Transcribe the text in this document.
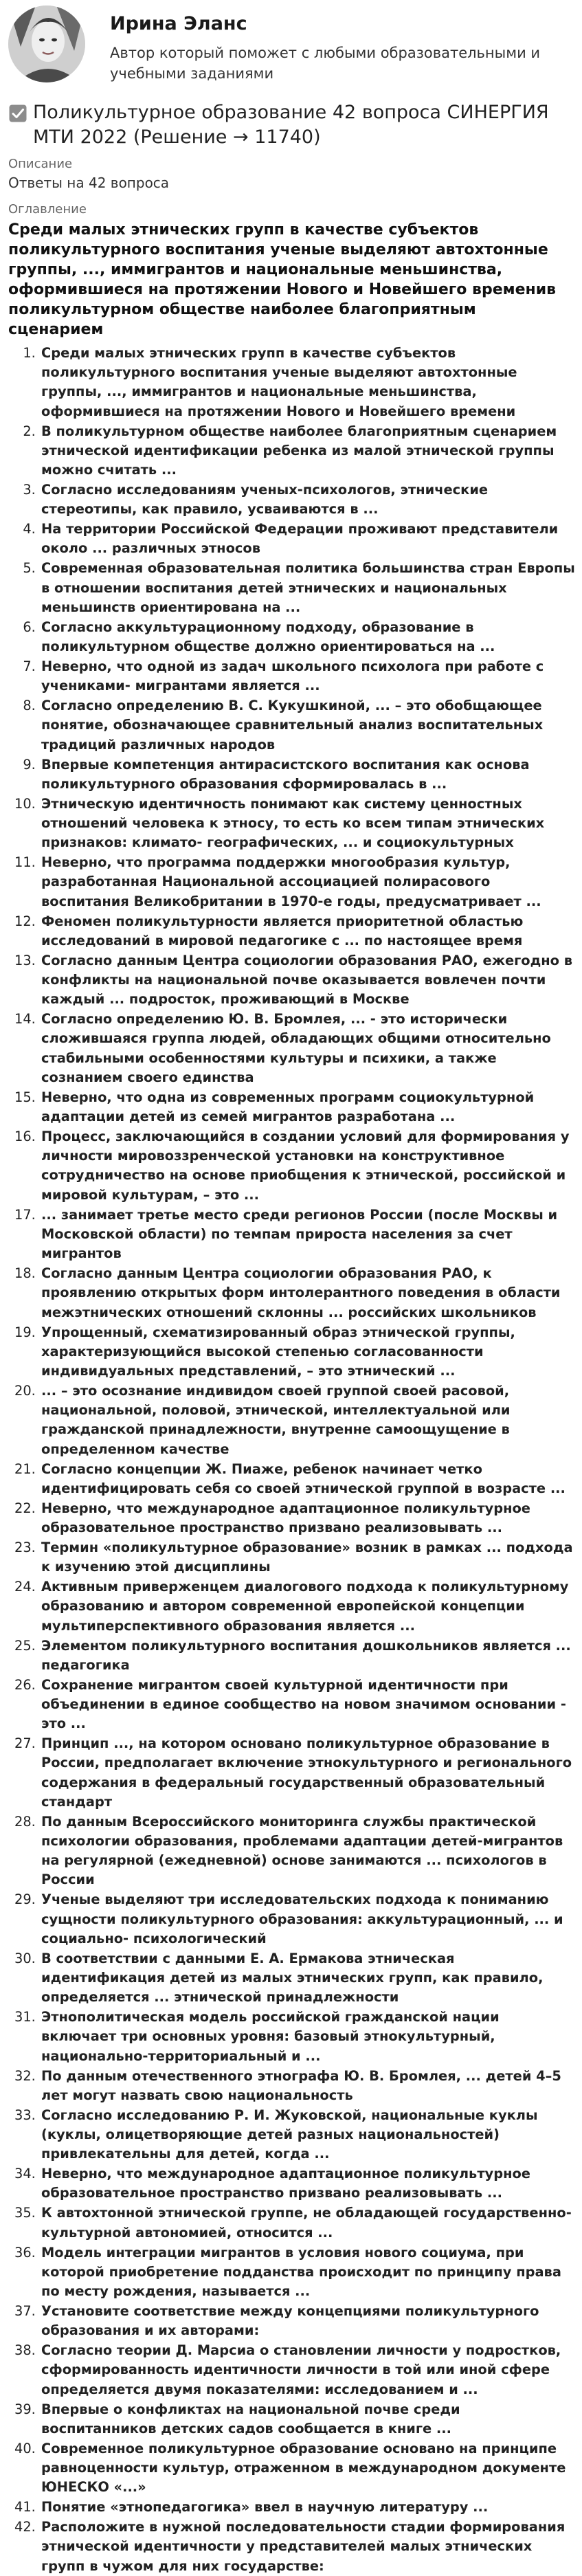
Ирина Эланс
Автор который поможет с любыми образовательными и учебными заданиями
Поликультурное образование 42 вопроса СИНЕРГИЯ МТИ 2022 (Решение → 11740)
Описание
Ответы на 42 вопроса
Оглавление
Среди малых этнических групп в качестве субъектов поликультурного воспитания ученые выделяют автохтонные группы, ..., иммигрантов и национальные меньшинства, оформившиеся на протяжении Нового и Новейшего временив поликультурном обществе наиболее благоприятным сценарием
1. Среди малых этнических групп в качестве субъектов поликультурного воспитания ученые выделяют автохтонные группы, ..., иммигрантов и национальные меньшинства, оформившиеся на протяжении Нового и Новейшего времени
2. В поликультурном обществе наиболее благоприятным сценарием этнической идентификации ребенка из малой этнической группы можно считать ...
3. Согласно исследованиям ученых-психологов, этнические стереотипы, как правило, усваиваются в ...
4. На территории Российской Федерации проживают представители около ... различных этносов
5. Современная образовательная политика большинства стран Европы в отношении воспитания детей этнических и национальных меньшинств ориентирована на ...
6. Согласно аккультурационному подходу, образование в поликультурном обществе должно ориентироваться на ...
7. Неверно, что одной из задач школьного психолога при работе с учениками- мигрантами является ...
8. Согласно определению В. С. Кукушкиной, ... – это обобщающее понятие, обозначающее сравнительный анализ воспитательных традиций различных народов
9. Впервые компетенция антирасистского воспитания как основа поликультурного образования сформировалась в ...
10. Этническую идентичность понимают как систему ценностных отношений человека к этносу, то есть ко всем типам этнических признаков: климато- географических, ... и социокультурных
11. Неверно, что программа поддержки многообразия культур, разработанная Национальной ассоциацией полирасового воспитания Великобритании в 1970-е годы, предусматривает ...
12. Феномен поликультурности является приоритетной областью исследований в мировой педагогике с ... по настоящее время
13. Согласно данным Центра социологии образования РАО, ежегодно в конфликты на национальной почве оказывается вовлечен почти каждый ... подросток, проживающий в Москве
14. Согласно определению Ю. В. Бромлея, ... - это исторически сложившаяся группа людей, обладающих общими относительно стабильными особенностями культуры и психики, а также сознанием своего единства
15. Неверно, что одна из современных программ социокультурной адаптации детей из семей мигрантов разработана ...
16. Процесс, заключающийся в создании условий для формирования у личности мировоззренческой установки на конструктивное сотрудничество на основе приобщения к этнической, российской и мировой культурам, – это ...
17. ... занимает третье место среди регионов России (после Москвы и Московской области) по темпам прироста населения за счет мигрантов
18. Согласно данным Центра социологии образования РАО, к проявлению открытых форм интолерантного поведения в области межэтнических отношений склонны ... российских школьников
19. Упрощенный, схематизированный образ этнической группы, характеризующийся высокой степенью согласованности индивидуальных представлений, – это этнический ...
20. ... – это осознание индивидом своей группой своей расовой, национальной, половой, этнической, интеллектуальной или гражданской принадлежности, внутренне самоощущение в определенном качестве
21. Согласно концепции Ж. Пиаже, ребенок начинает четко идентифицировать себя со своей этнической группой в возрасте ...
22. Неверно, что международное адаптационное поликультурное образовательное пространство призвано реализовывать ...
23. Термин «поликультурное образование» возник в рамках ... подхода к изучению этой дисциплины
24. Активным приверженцем диалогового подхода к поликультурному образованию и автором современной европейской концепции мультиперспективного образования является ...
25. Элементом поликультурного воспитания дошкольников является ... педагогика
26. Сохранение мигрантом своей культурной идентичности при объединении в единое сообщество на новом значимом основании - это ...
27. Принцип ..., на котором основано поликультурное образование в России, предполагает включение этнокультурного и регионального содержания в федеральный государственный образовательный стандарт
28. По данным Всероссийского мониторинга службы практической психологии образования, проблемами адаптации детей-мигрантов на регулярной (ежедневной) основе занимаются ... психологов в России
29. Ученые выделяют три исследовательских подхода к пониманию сущности поликультурного образования: аккультурационный, ... и социально- психологический
30. В соответствии с данными Е. А. Ермакова этническая идентификация детей из малых этнических групп, как правило, определяется ... этнической принадлежности
31. Этнополитическая модель российской гражданской нации включает три основных уровня: базовый этнокультурный, национально-территориальный и ...
32. По данным отечественного этнографа Ю. В. Бромлея, ... детей 4–5 лет могут назвать свою национальность
33. Согласно исследованию Р. И. Жуковской, национальные куклы (куклы, олицетворяющие детей разных национальностей) привлекательны для детей, когда ...
34. Неверно, что международное адаптационное поликультурное образовательное пространство призвано реализовывать ...
35. К автохтонной этнической группе, не обладающей государственно-культурной автономией, относится ...
36. Модель интеграции мигрантов в условия нового социума, при которой приобретение подданства происходит по принципу права по месту рождения, называется ...
37. Установите соответствие между концепциями поликультурного образования и их авторами:
38. Согласно теории Д. Марсиа о становлении личности у подростков, сформированность идентичности личности в той или иной сфере определяется двумя показателями: исследованием и ...
39. Впервые о конфликтах на национальной почве среди воспитанников детских садов сообщается в книге ...
40. Современное поликультурное образование основано на принципе равноценности культур, отраженном в международном документе ЮНЕСКО «...»
41. Понятие «этнопедагогика» ввел в научную литературу ...
42. Расположите в нужной последовательности стадии формирования этнической идентичности у представителей малых этнических групп в чужом для них государстве:
